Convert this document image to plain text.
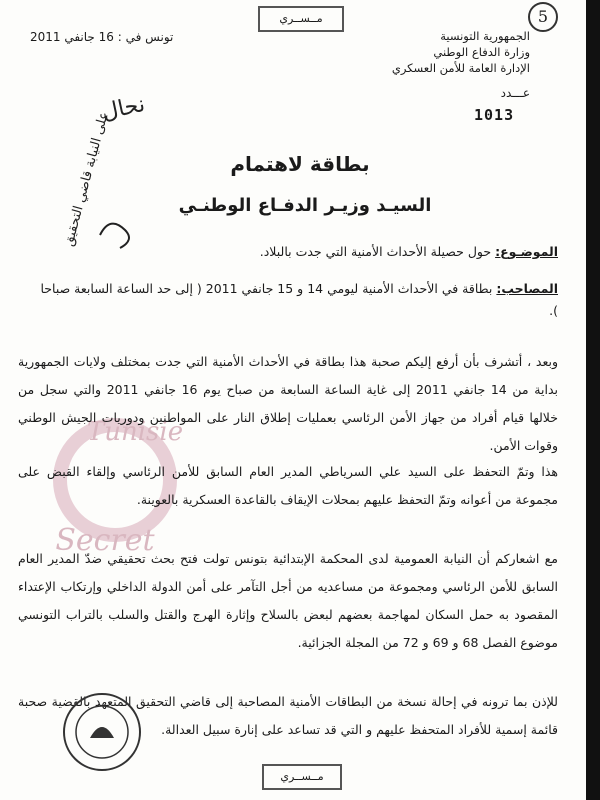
5
مــســري
الجمهورية التونسية
وزارة الدفاع الوطني
الإدارة العامة للأمن العسكري
تونس في : 16 جانفي 2011
عـــدد
1013
نحال
على النيابة قاضي التحقيق	بطاقة لاهتمام
السيـد وزيـر الدفـاع الوطنـي
الموضـوع: حول حصيلة الأحداث الأمنية التي جدت بالبلاد.
المصاحب: بطاقة في الأحداث الأمنية ليومي 14 و 15 جانفي 2011 ( إلى حد الساعة السابعة صباحا ).
Tunisie
Secret
وبعد ، أتشرف بأن أرفع إليكم صحبة هذا بطاقة في الأحداث الأمنية التي جدت بمختلف ولايات الجمهورية بداية من 14 جانفي 2011 إلى غاية الساعة السابعة من صباح يوم 16 جانفي 2011 والتي سجل من خلالها قيام أفراد من جهاز الأمن الرئاسي بعمليات إطلاق النار على المواطنين ودوريات الجيش الوطني وقوات الأمن.
هذا وتمّ التحفظ على السيد علي السرياطي المدير العام السابق للأمن الرئاسي وإلقاء القبض على مجموعة من أعوانه وتمّ التحفظ عليهم بمحلات الإيقاف بالقاعدة العسكرية بالعوينة.
مع اشعاركم أن النيابة العمومية لدى المحكمة الإبتدائية بتونس تولت فتح بحث تحقيقي ضدّ المدير العام السابق للأمن الرئاسي ومجموعة من مساعديه من أجل التآمر على أمن الدولة الداخلي وإرتكاب الإعتداء المقصود به حمل السكان لمهاجمة بعضهم لبعض بالسلاح وإثارة الهرج والقتل والسلب بالتراب التونسي موضوع الفصل 68 و 69 و 72 من المجلة الجزائية.
للإذن بما ترونه في إحالة نسخة من البطاقات الأمنية المصاحبة إلى قاضي التحقيق المتعهد بالقضية صحبة قائمة إسمية للأفراد المتحفظ عليهم و التي قد تساعد على إنارة سبيل العدالة.
مــســري
